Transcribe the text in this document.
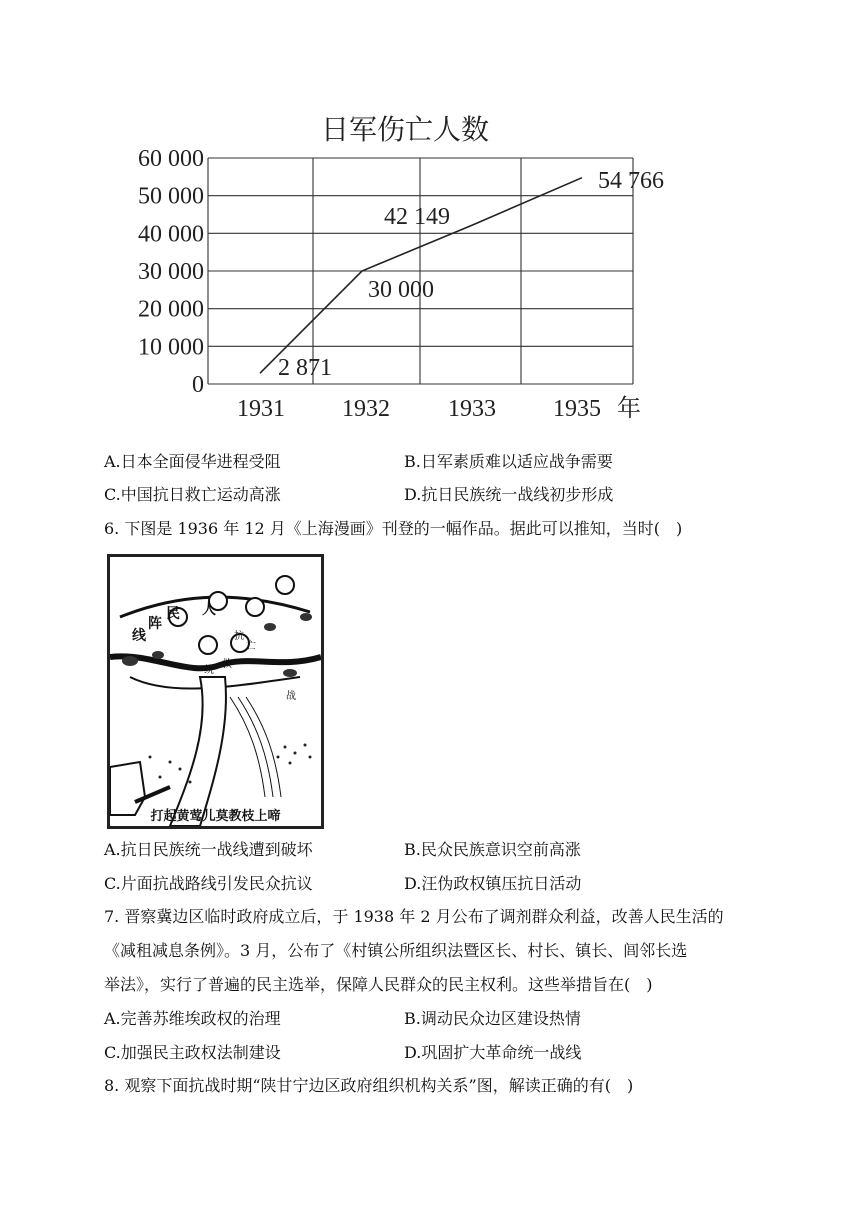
日军伤亡人数
60 000
50 000
40 000
30 000
20 000
10 000
0
1931 1932 1933 1935 年
2 871
30 000
42 149
54 766
A.日本全面侵华进程受阻	B.日军素质难以适应战争需要
C.中国抗日救亡运动高涨	D.抗日民族统一战线初步形成
6. 下图是 1936 年 12 月《上海漫画》刊登的一幅作品。据此可以推知，当时(　)
线
阵
民 人
抗
救
亡
统
一
战
打起黄莺儿莫教枝上啼
A.抗日民族统一战线遭到破坏	B.民众民族意识空前高涨
C.片面抗战路线引发民众抗议	D.汪伪政权镇压抗日活动
7. 晋察冀边区临时政府成立后，于 1938 年 2 月公布了调剂群众利益，改善人民生活的
《减租减息条例》。3 月，公布了《村镇公所组织法暨区长、村长、镇长、闾邻长选
举法》，实行了普遍的民主选举，保障人民群众的民主权利。这些举措旨在(　)
A.完善苏维埃政权的治理	B.调动民众边区建设热情
C.加强民主政权法制建设	D.巩固扩大革命统一战线
8. 观察下面抗战时期“陕甘宁边区政府组织机构关系”图，解读正确的有(　)
